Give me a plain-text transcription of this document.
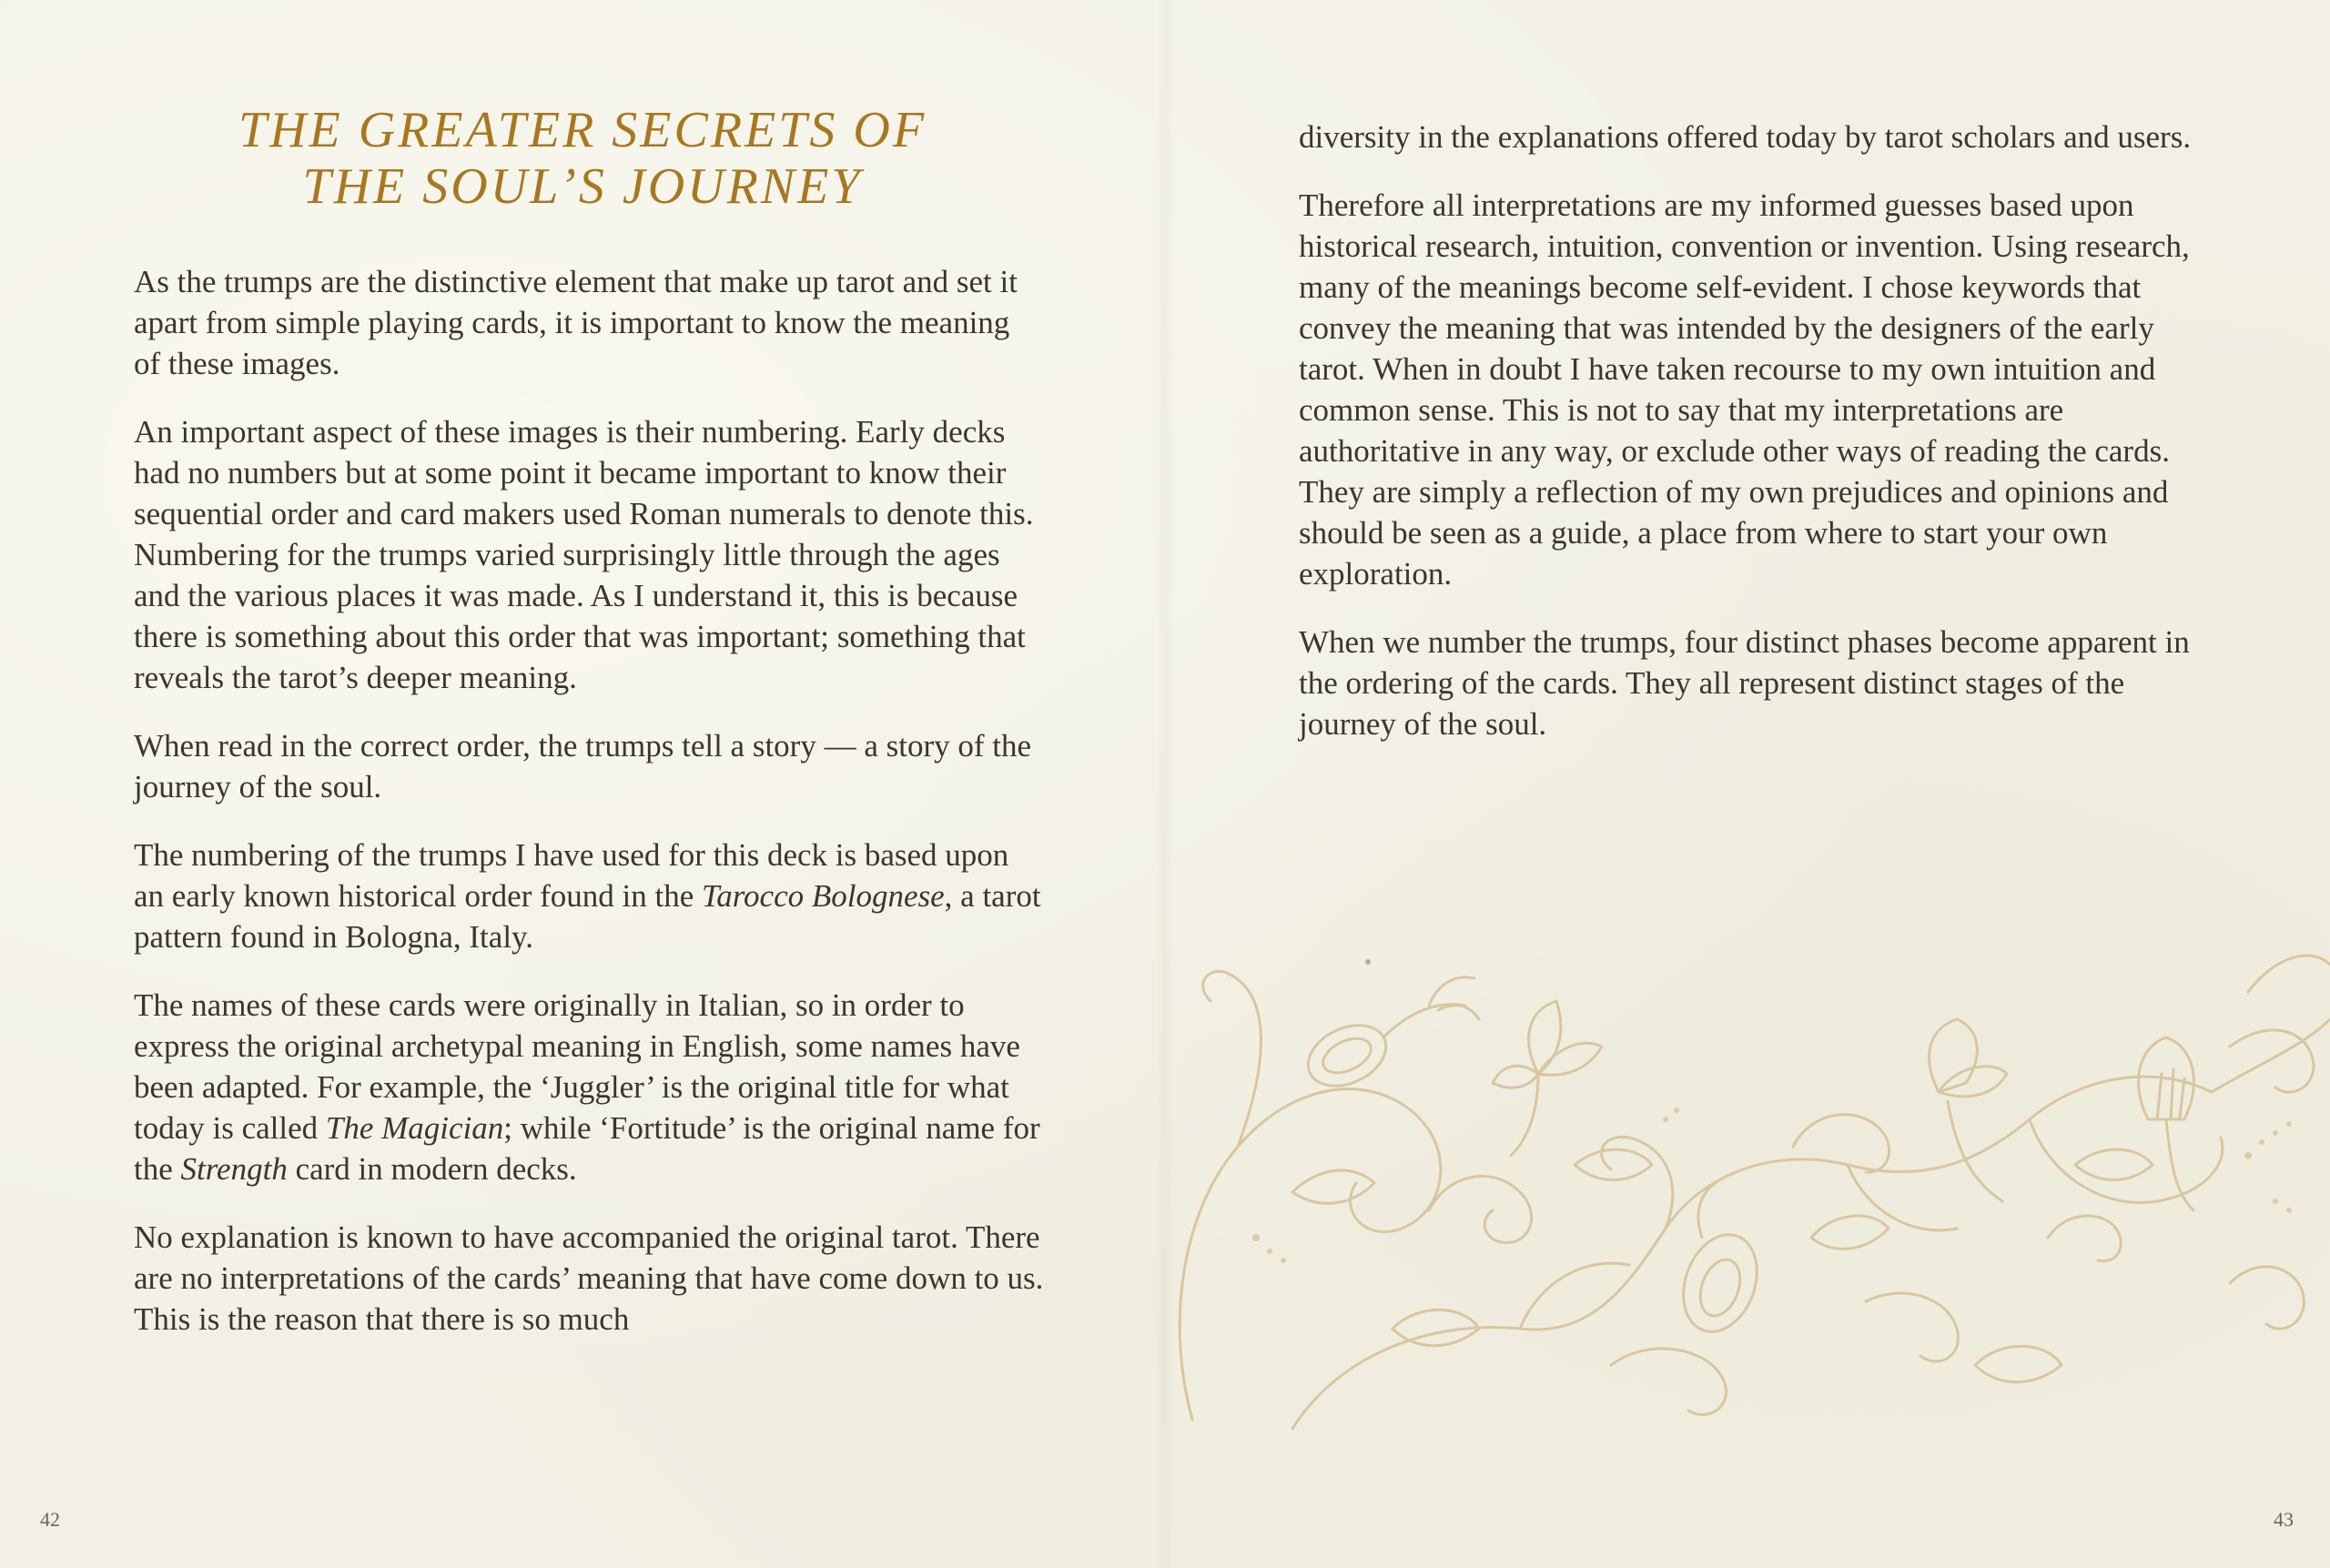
THE GREATER SECRETS OF
THE SOUL’S JOURNEY

As the trumps are the distinctive element that make up tarot and set it apart from simple playing cards, it is important to know the meaning of these images.

An important aspect of these images is their numbering. Early decks had no numbers but at some point it became important to know their sequential order and card makers used Roman numerals to denote this. Numbering for the trumps varied surprisingly little through the ages and the various places it was made. As I understand it, this is because there is something about this order that was important; something that reveals the tarot’s deeper meaning.

When read in the correct order, the trumps tell a story — a story of the journey of the soul.

The numbering of the trumps I have used for this deck is based upon an early known historical order found in the Tarocco Bolognese, a tarot pattern found in Bologna, Italy.

The names of these cards were originally in Italian, so in order to express the original archetypal meaning in English, some names have been adapted. For example, the ‘Juggler’ is the original title for what today is called The Magician; while ‘Fortitude’ is the original name for the Strength card in modern decks.

No explanation is known to have accompanied the original tarot. There are no interpretations of the cards’ meaning that have come down to us. This is the reason that there is so much

42

diversity in the explanations offered today by tarot scholars and users.

Therefore all interpretations are my informed guesses based upon historical research, intuition, convention or invention. Using research, many of the meanings become self-evident. I chose keywords that convey the meaning that was intended by the designers of the early tarot. When in doubt I have taken recourse to my own intuition and common sense. This is not to say that my interpretations are authoritative in any way, or exclude other ways of reading the cards. They are simply a reflection of my own prejudices and opinions and should be seen as a guide, a place from where to start your own exploration.

When we number the trumps, four distinct phases become apparent in the ordering of the cards. They all represent distinct stages of the journey of the soul.

43
